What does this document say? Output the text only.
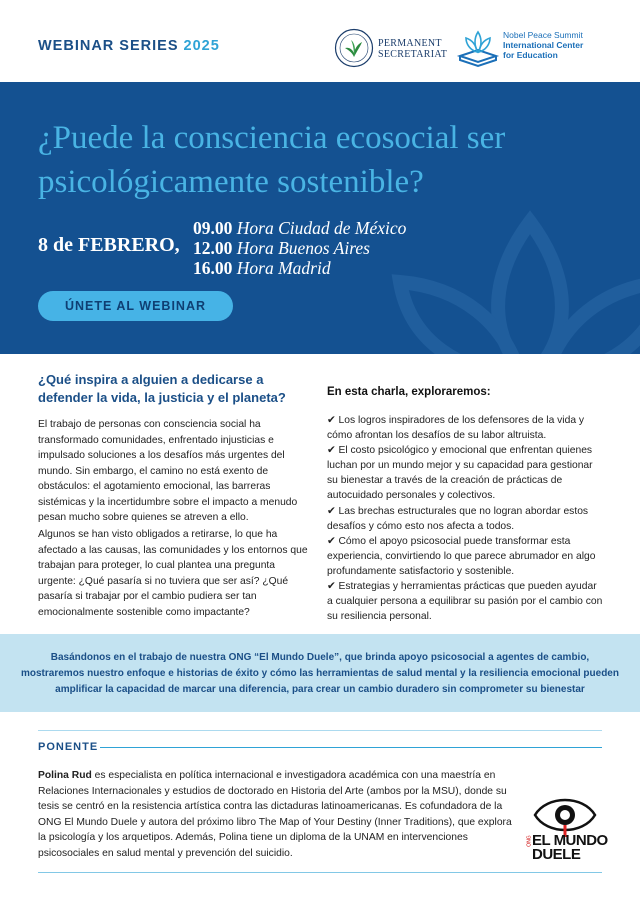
WEBINAR SERIES 2025	PERMANENT
SECRETARIAT
Nobel Peace Summit
International Center
for Education
¿Puede la consciencia ecosocial ser psicológicamente sostenible?
8 de FEBRERO,
09.00 Hora Ciudad de México
12.00 Hora Buenos Aires
16.00 Hora Madrid
ÚNETE AL WEBINAR
¿Qué inspira a alguien a dedicarse a defender la vida, la justicia y el planeta?
El trabajo de personas con consciencia social ha transformado comunidades, enfrentado injusticias e impulsado soluciones a los desafíos más urgentes del mundo. Sin embargo, el camino no está exento de obstáculos: el agotamiento emocional, las barreras sistémicas y la incertidumbre sobre el impacto a menudo pesan mucho sobre quienes se atreven a ello.
Algunos se han visto obligados a retirarse, lo que ha afectado a las causas, las comunidades y los entornos que trabajan para proteger, lo cual plantea una pregunta urgente: ¿Qué pasaría si no tuviera que ser así? ¿Qué pasaría si trabajar por el cambio pudiera ser tan emocionalmente sostenible como impactante?
En esta charla, exploraremos:
✔ Los logros inspiradores de los defensores de la vida y cómo afrontan los desafíos de su labor altruista.
✔ El costo psicológico y emocional que enfrentan quienes luchan por un mundo mejor y su capacidad para gestionar su bienestar a través de la creación de prácticas de autocuidado personales y colectivos.
✔ Las brechas estructurales que no logran abordar estos desafíos y cómo esto nos afecta a todos.
✔ Cómo el apoyo psicosocial puede transformar esta experiencia, convirtiendo lo que parece abrumador en algo profundamente satisfactorio y sostenible.
✔ Estrategias y herramientas prácticas que pueden ayudar a cualquier persona a equilibrar su pasión por el cambio con su resiliencia personal.

Basándonos en el trabajo de nuestra ONG “El Mundo Duele”, que brinda apoyo psicosocial a agentes de cambio, mostraremos nuestro enfoque e historias de éxito y cómo las herramientas de salud mental y la resiliencia emocional pueden amplificar la capacidad de marcar una diferencia, para crear un cambio duradero sin comprometer su bienestar

PONENTE
Polina Rud es especialista en política internacional e investigadora académica con una maestría en Relaciones Internacionales y estudios de doctorado en Historia del Arte (ambos por la MSU), donde su tesis se centró en la resistencia artística contra las dictaduras latinoamericanas. Es cofundadora de la ONG El Mundo Duele y autora del próximo libro The Map of Your Destiny (Inner Traditions), que explora la psicología y los arquetipos. Además, Polina tiene un diploma de la UNAM en intervenciones psicosociales en salud mental y prevención del suicidio.
EL MUNDO DUELE
ONG
